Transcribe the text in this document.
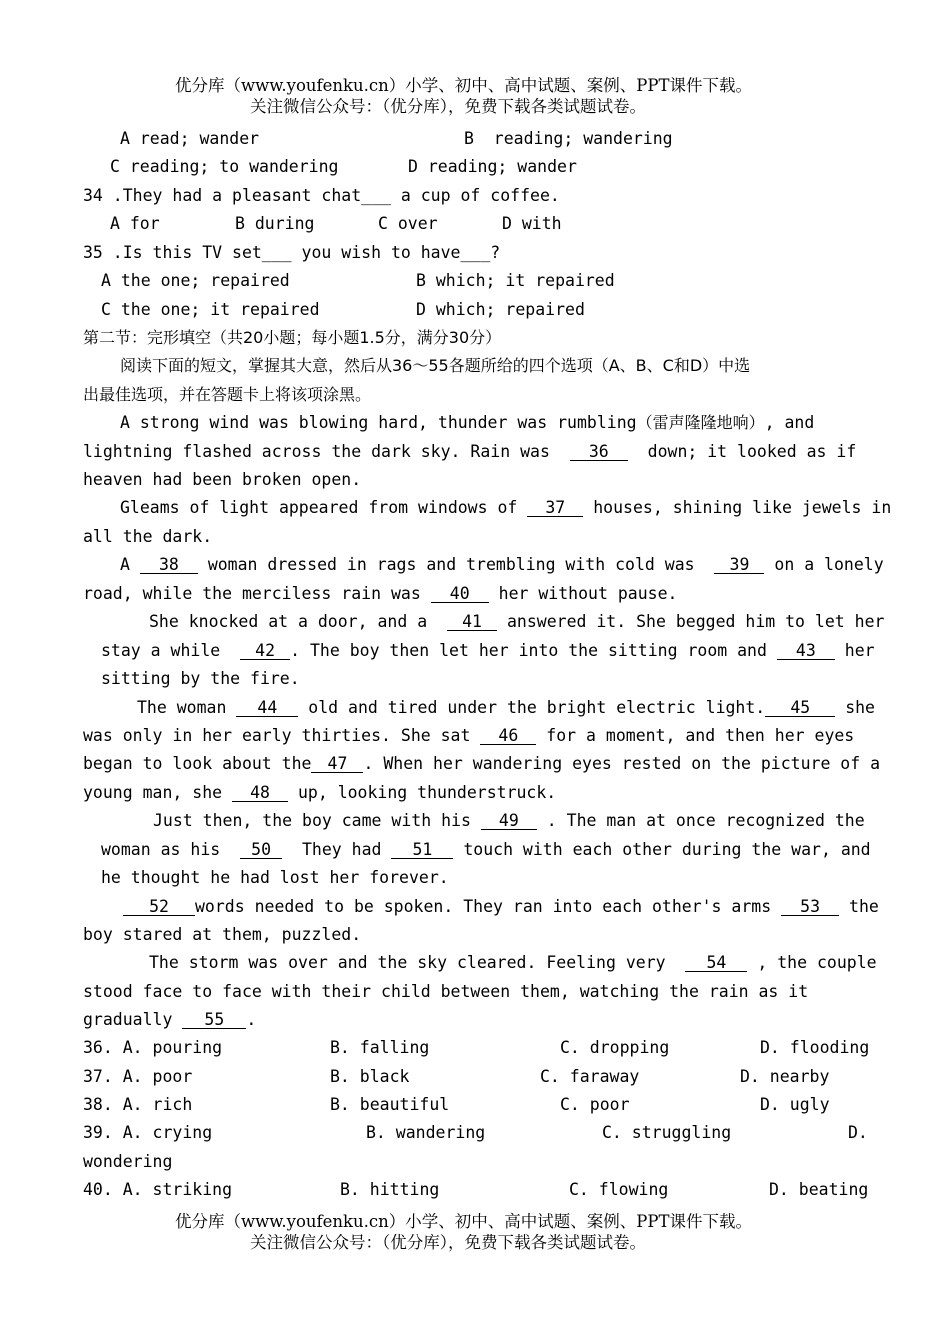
优分库（www.youfenku.cn）小学、初中、高中试题、案例、PPT课件下载。
关注微信公众号：（优分库），免费下载各类试题试卷。
A read; wander	B  reading; wandering
C reading; to wandering	D reading; wander
34 .They had a pleasant chat___ a cup of coffee.
A for	B during	C over	D with
35 .Is this TV set___ you wish to have___?
A the one; repaired	B which; it repaired
C the one; it repaired	D which; repaired
第二节：完形填空（共20小题；每小题1.5分，满分30分）
阅读下面的短文，掌握其大意，然后从36～55各题所给的四个选项（A、B、C和D）中选
出最佳选项，并在答题卡上将该项涂黑。
A strong wind was blowing hard, thunder was rumbling（雷声隆隆地响）, and
lightning flashed across the dark sky. Rain was 36 down; it looked as if
heaven had been broken open.
Gleams of light appeared from windows of 37 houses, shining like jewels in
all the dark.
A 38 woman dressed in rags and trembling with cold was 39 on a lonely
road, while the merciless rain was 40 her without pause.
She knocked at a door, and a 41 answered it. She begged him to let her
stay a while 42 . The boy then let her into the sitting room and 43 her
sitting by the fire.
The woman 44 old and tired under the bright electric light. 45 she
was only in her early thirties. She sat 46 for a moment, and then her eyes
began to look about the 47 . When her wandering eyes rested on the picture of a
young man, she 48 up, looking thunderstruck.
Just then, the boy came with his 49 . The man at once recognized the
woman as his 50 They had 51 touch with each other during the war, and
he thought he had lost her forever.
52 words needed to be spoken. They ran into each other's arms 53 the
boy stared at them, puzzled.
The storm was over and the sky cleared. Feeling very 54 , the couple
stood face to face with their child between them, watching the rain as it
gradually 55 .
36. A. pouring	B. falling	C. dropping	D. flooding
37. A. poor	B. black	C. faraway	D. nearby
38. A. rich	B. beautiful	C. poor	D. ugly
39. A. crying	B. wandering	C. struggling	D.
wondering
40. A. striking	B. hitting	C. flowing	D. beating
优分库（www.youfenku.cn）小学、初中、高中试题、案例、PPT课件下载。
关注微信公众号：（优分库），免费下载各类试题试卷。
